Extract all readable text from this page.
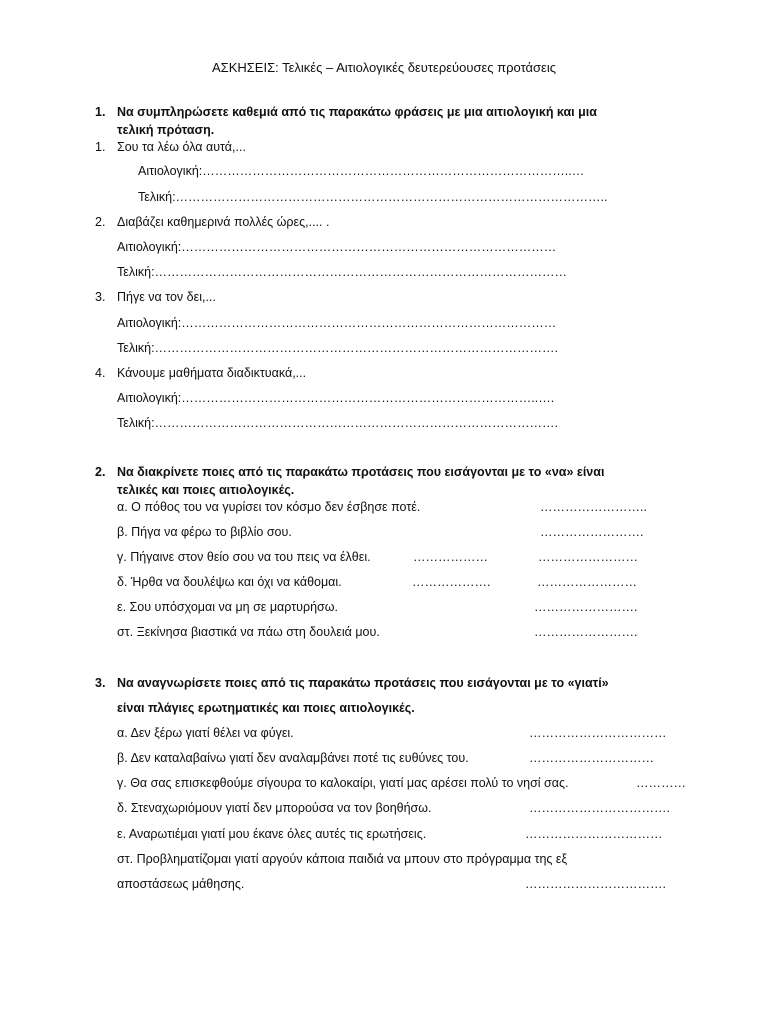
ΑΣΚΗΣΕΙΣ: Τελικές – Αιτιολογικές δευτερεύουσες προτάσεις
1. Να συμπληρώσετε καθεμιά από τις παρακάτω φράσεις με μια αιτιολογική και μια
τελική πρόταση.
1. Σου τα λέω όλα αυτά,...
Αιτιολογική:……………………………………………………………………………..…
Τελική:…………………………………………………………………………………………..
2. Διαβάζει καθημερινά πολλές ώρες,.... .
Αιτιολογική:………………………………………………………………………………
Τελική:………………………………………………………………………………………
3. Πήγε να τον δει,...
Αιτιολογική:………………………………………………………………………………
Τελική:…………………………………………………………………………………….
4. Κάνουμε μαθήματα διαδικτυακά,...
Αιτιολογική:…………………………………………………………………………..….
Τελική:…………………………………………………………………………………….
2. Να διακρίνετε ποιες από τις παρακάτω προτάσεις που εισάγονται με το «να» είναι
τελικές και ποιες αιτιολογικές.
α. Ο πόθος του να γυρίσει τον κόσμο δεν έσβησε ποτέ.	……………………..
β. Πήγα να φέρω το βιβλίο σου.	…………………….
γ. Πήγαινε στον θείο σου να του πεις να έλθει.	………………	……………………
δ. Ήρθα να δουλέψω και όχι να κάθομαι.	……………….	……………………
ε. Σου υπόσχομαι να μη σε μαρτυρήσω.	…………………….
στ. Ξεκίνησα βιαστικά να πάω στη δουλειά μου.	…………………….
3. Να αναγνωρίσετε ποιες από τις παρακάτω προτάσεις που εισάγονται με το «γιατί»
είναι πλάγιες ερωτηματικές και ποιες αιτιολογικές.
α. Δεν ξέρω γιατί θέλει να φύγει.	……………………………
β. Δεν καταλαβαίνω γιατί δεν αναλαμβάνει ποτέ τις ευθύνες του.	…………………………
γ. Θα σας επισκεφθούμε σίγουρα το καλοκαίρι, γιατί μας αρέσει πολύ το νησί σας.	…………
δ. Στεναχωριόμουν γιατί δεν μπορούσα να τον βοηθήσω.	…………………………….
ε. Αναρωτιέμαι γιατί μου έκανε όλες αυτές τις ερωτήσεις.	……………………………
στ. Προβληματίζομαι γιατί αργούν κάποια παιδιά να μπουν στο πρόγραμμα της εξ
αποστάσεως μάθησης.	…………………………….
